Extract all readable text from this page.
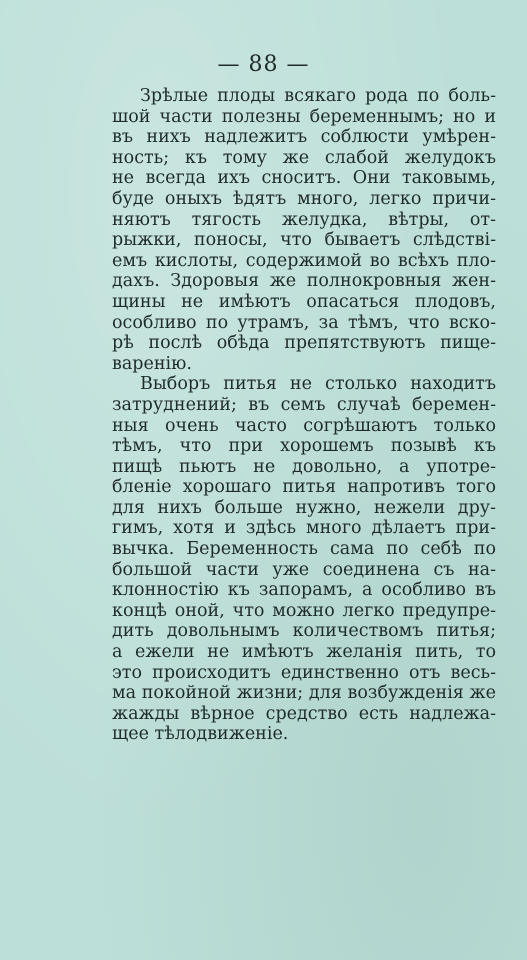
— 88 —
Зрѣлые плоды всякаго рода по боль-
шой части полезны беременнымъ; но и
въ нихъ надлежитъ соблюсти умѣрен-
ность; къ тому же слабой желудокъ
не всегда ихъ сноситъ. Они таковымь,
буде оныхъ ѣдятъ много, легко причи-
няютъ тягость желудка, вѣтры, от-
рыжки, поносы, что бываетъ слѣдствi-
емъ кислоты, содержимой во всѣхъ пло-
дахъ. Здоровыя же полнокровныя жен-
щины не имѣютъ опасаться плодовъ,
особливо по утрамъ, за тѣмъ, что вско-
рѣ послѣ обѣда препятствуютъ пище-
варенiю.
Выборъ питья не столько находитъ
затруднений; въ семъ случаѣ беремен-
ныя очень часто согрѣшаютъ только
тѣмъ, что при хорошемъ позывѣ къ
пищѣ пьютъ не довольно, а употре-
бленiе хорошаго питья напротивъ того
для нихъ больше нужно, нежели дру-
гимъ, хотя и здѣсь много дѣлаетъ при-
вычка. Беременность сама по себѣ по
большой части уже соединена съ на-
клонностiю къ запорамъ, а особливо въ
концѣ оной, что можно легко предупре-
дить довольнымъ количествомъ питья;
а ежели не имѣютъ желанiя пить, то
это происходитъ единственно отъ весь-
ма покойной жизни; для возбужденiя же
жажды вѣрное средство есть надлежа-
щее тѣлодвиженiе.
